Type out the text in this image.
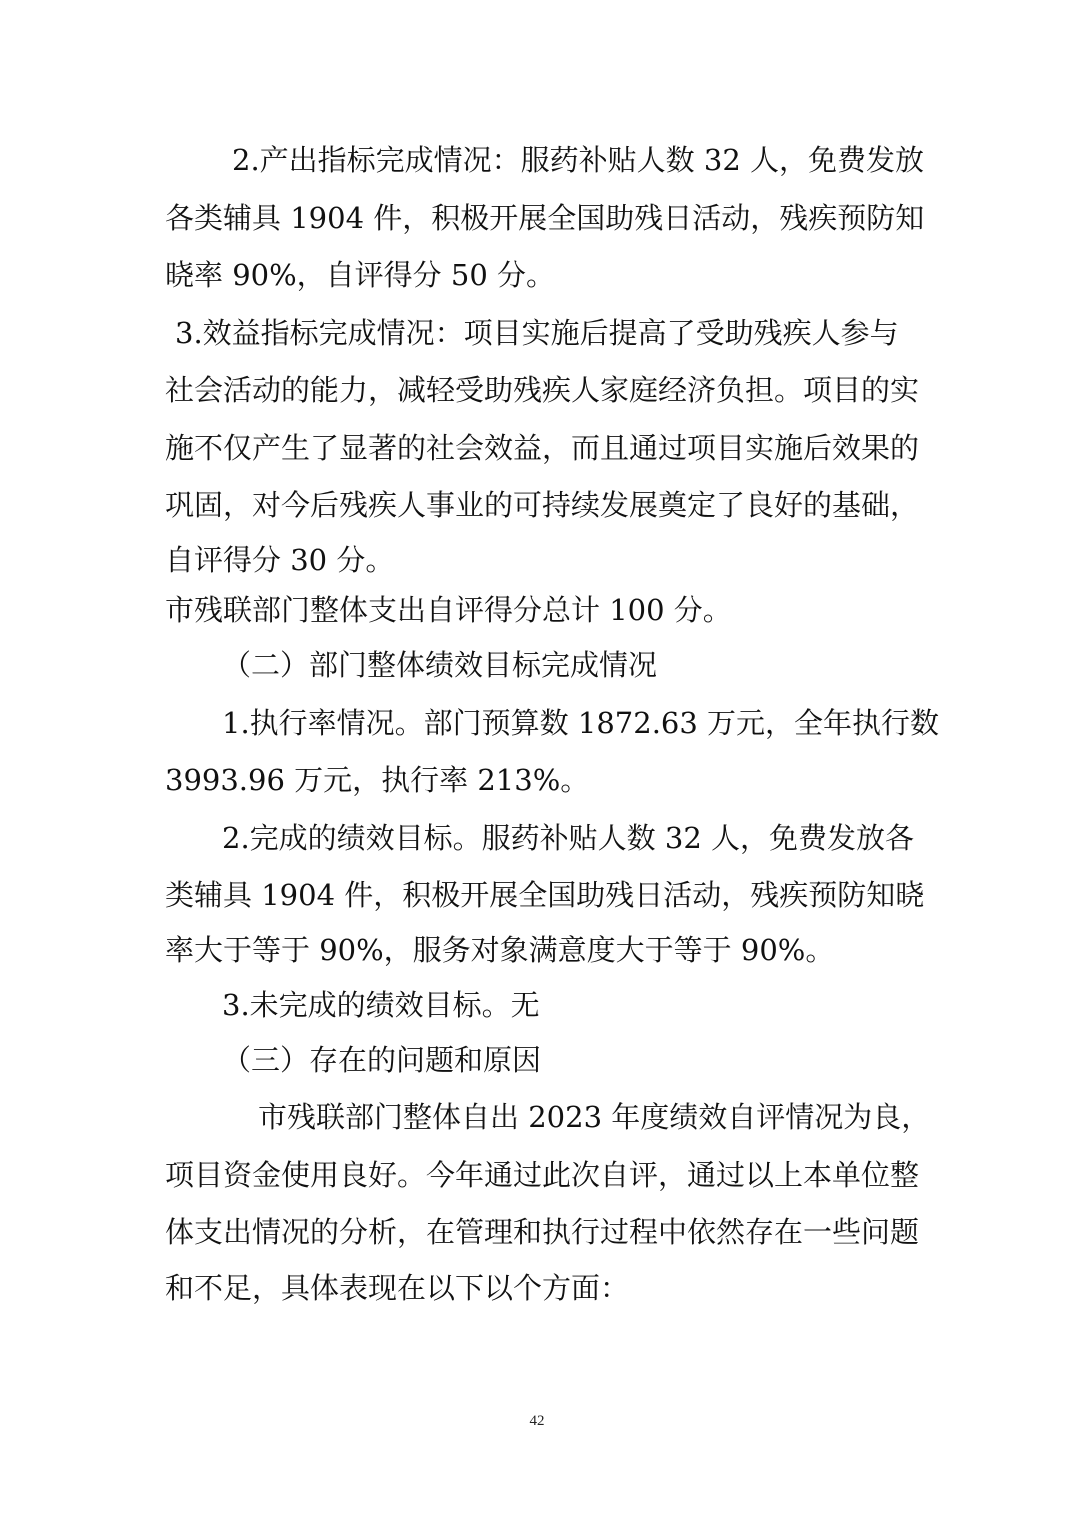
2.产出指标完成情况：服药补贴人数 32 人，免费发放

各类辅具 1904 件，积极开展全国助残日活动，残疾预防知

晓率 90%，自评得分 50 分。

3.效益指标完成情况：项目实施后提高了受助残疾人参与

社会活动的能力，减轻受助残疾人家庭经济负担。项目的实

施不仅产生了显著的社会效益，而且通过项目实施后效果的

巩固，对今后残疾人事业的可持续发展奠定了良好的基础，

自评得分 30 分。

市残联部门整体支出自评得分总计 100 分。

（二）部门整体绩效目标完成情况

1.执行率情况。部门预算数 1872.63 万元，全年执行数

3993.96 万元，执行率 213%。

2.完成的绩效目标。服药补贴人数 32 人，免费发放各

类辅具 1904 件，积极开展全国助残日活动，残疾预防知晓

率大于等于 90%，服务对象满意度大于等于 90%。

3.未完成的绩效目标。无

（三）存在的问题和原因

市残联部门整体自出 2023 年度绩效自评情况为良，

项目资金使用良好。今年通过此次自评，通过以上本单位整

体支出情况的分析，在管理和执行过程中依然存在一些问题

和不足，具体表现在以下以个方面：

42
